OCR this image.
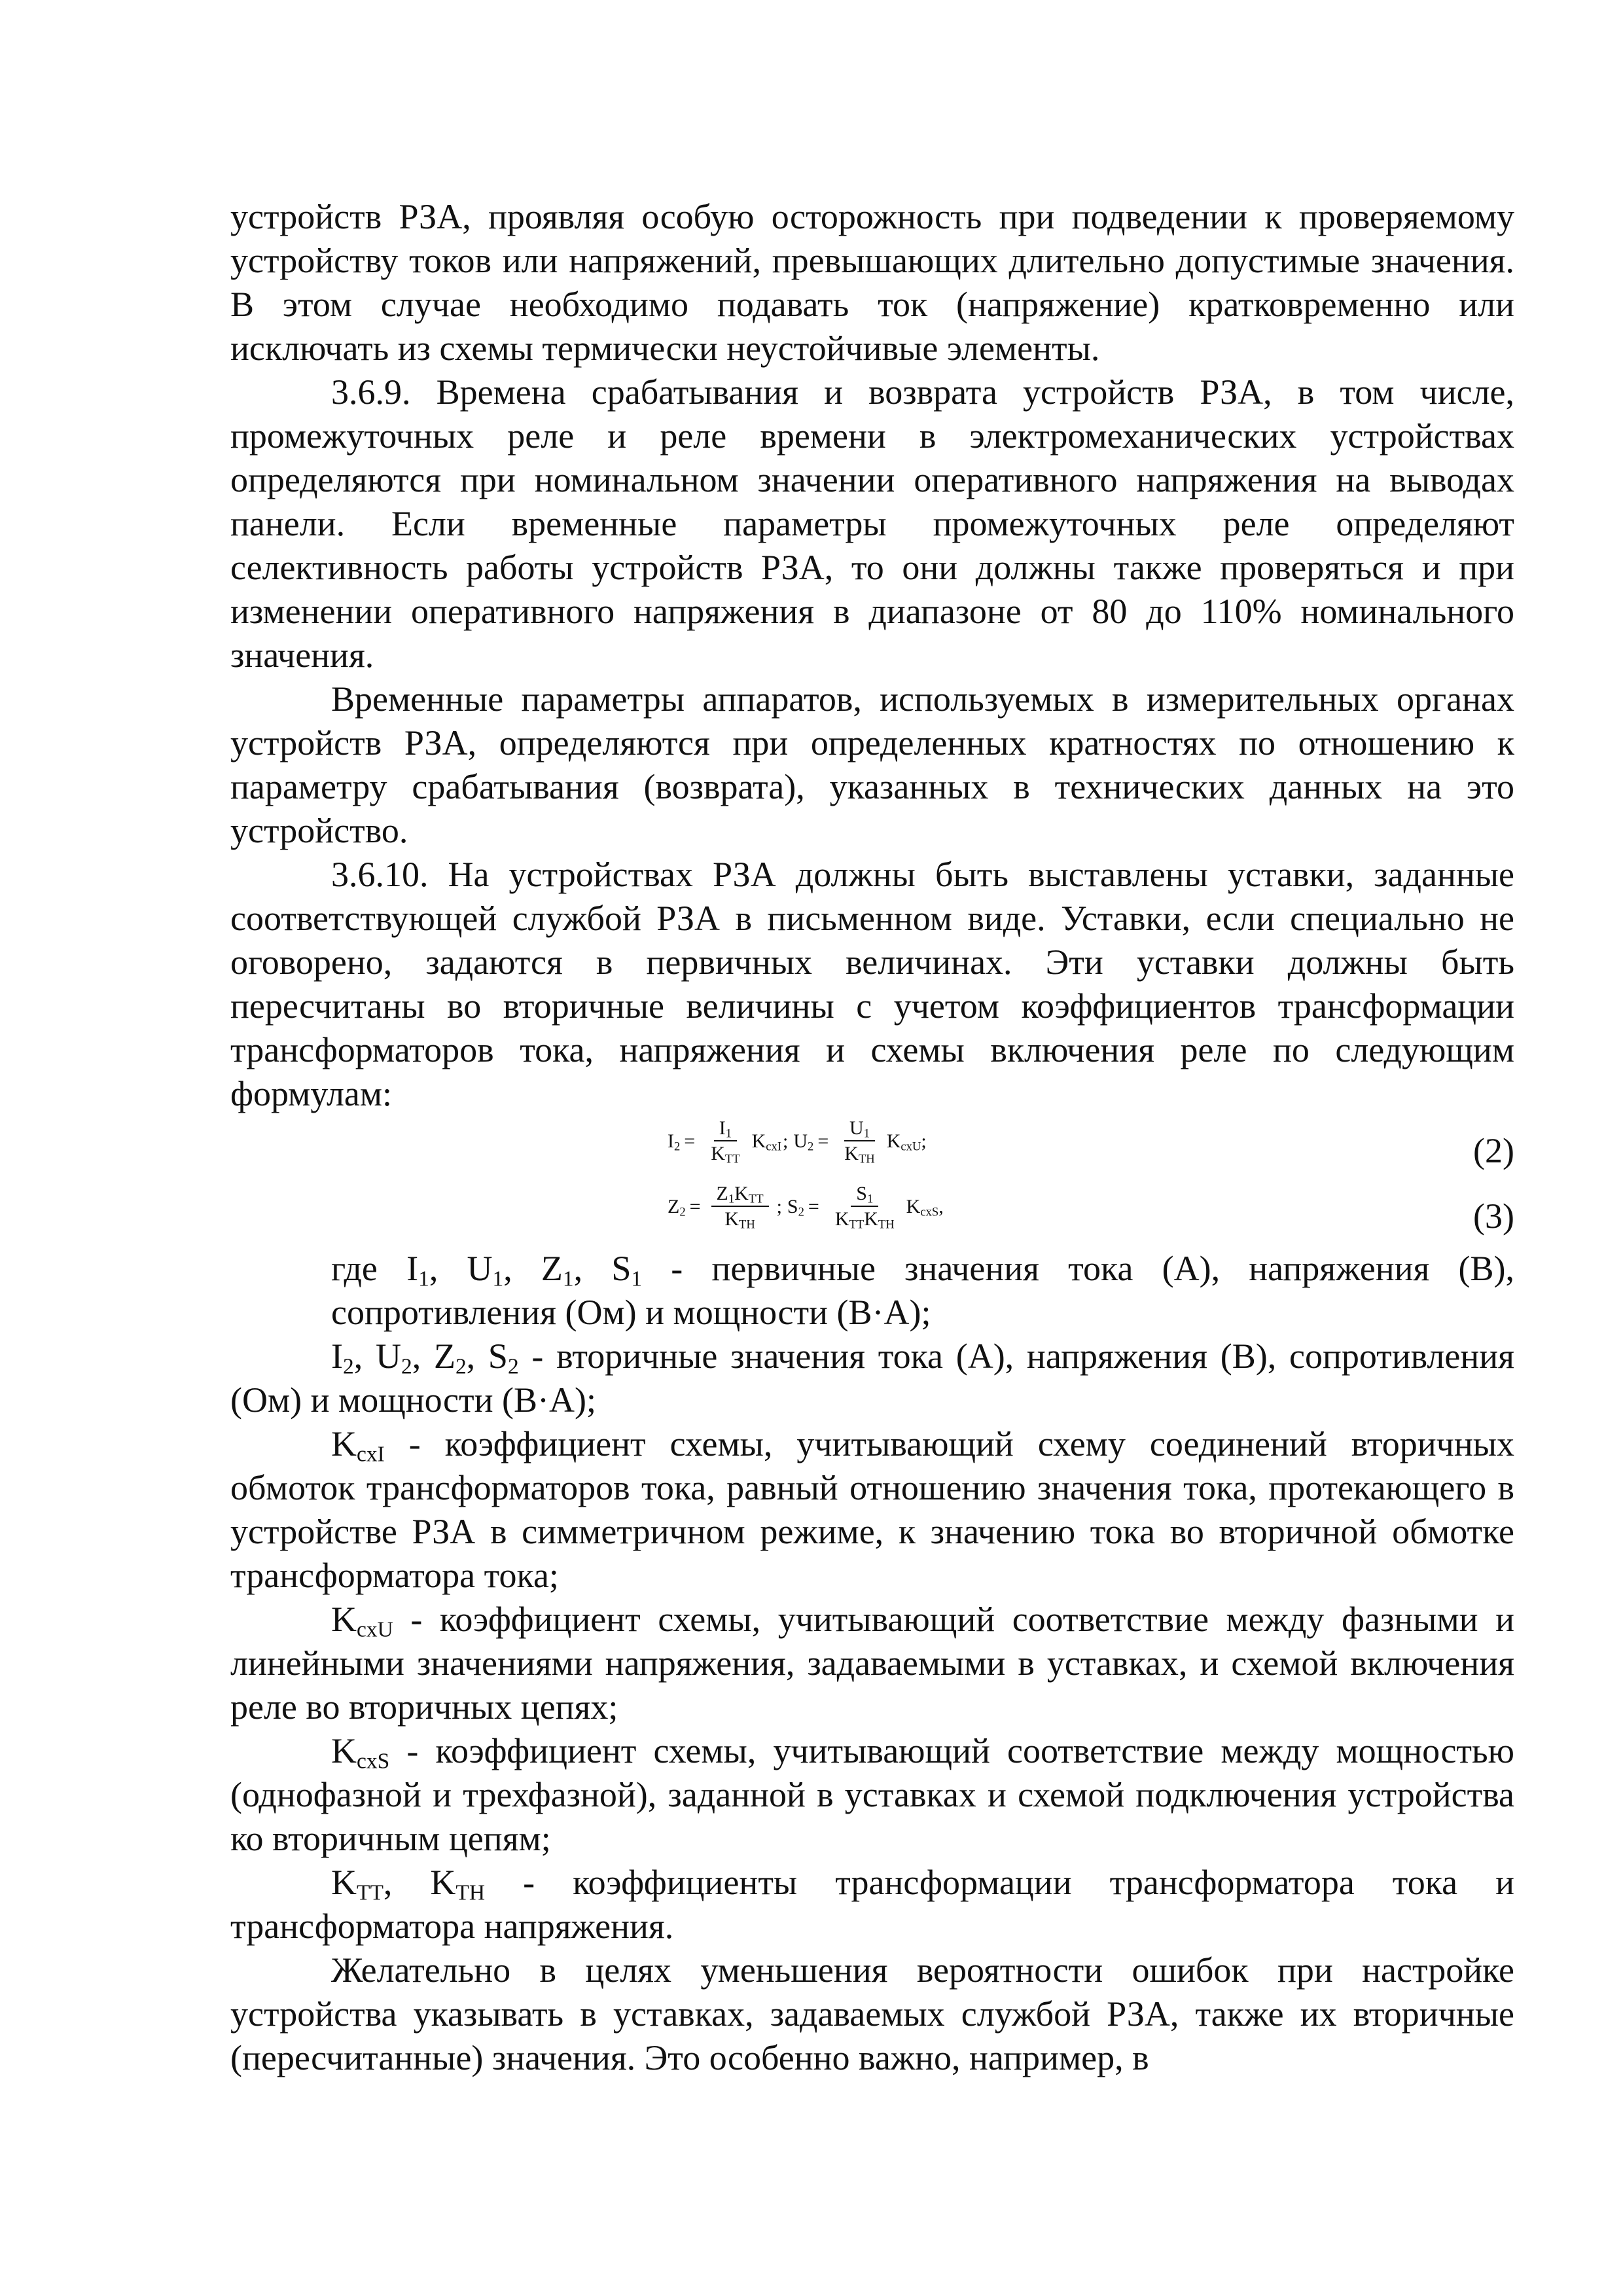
устройств РЗА, проявляя особую осторожность при подведении к проверяемому устройству токов или напряжений, превышающих длительно допустимые значения. В этом случае необходимо подавать ток (напряжение) кратковременно или исключать из схемы термически неустойчивые элементы.

3.6.9. Времена срабатывания и возврата устройств РЗА, в том числе, промежуточных реле и реле времени в электромеханических устройствах определяются при номинальном значении оперативного напряжения на выводах панели. Если временные параметры промежуточных реле определяют селективность работы устройств РЗА, то они должны также проверяться и при изменении оперативного напряжения в диапазоне от 80 до 110% номинального значения.

Временные параметры аппаратов, используемых в измерительных органах устройств РЗА, определяются при определенных кратностях по отношению к параметру срабатывания (возврата), указанных в технических данных на это устройство.

3.6.10. На устройствах РЗА должны быть выставлены уставки, заданные соответствующей службой РЗА в письменном виде. Уставки, если специально не оговорено, задаются в первичных величинах. Эти уставки должны быть пересчитаны во вторичные величины с учетом коэффициентов трансформации трансформаторов тока, напряжения и схемы включения реле по следующим формулам:

$I_2 = \frac{I_1}{K_{TT}} K_{cxI}$ ; $U_2 = \frac{U_1}{K_{TH}} K_{cxU}$ ;	(2)
$Z_2 = \frac{Z_1K_{TT}}{K_{TH}}$ ; $S_2 = \frac{S_1}{K_{TT}K_{TH}} K_{cxS}$ ,	(3)

где $I_1$, $U_1$, $Z_1$, $S_1$ - первичные значения тока (А), напряжения (В), сопротивления (Ом) и мощности (В·А);

$I_2$, $U_2$, $Z_2$, $S_2$ - вторичные значения тока (А), напряжения (В), сопротивления (Ом) и мощности (В·А);

$K_{cxI}$ - коэффициент схемы, учитывающий схему соединений вторичных обмоток трансформаторов тока, равный отношению значения тока, протекающего в устройстве РЗА в симметричном режиме, к значению тока во вторичной обмотке трансформатора тока;

$K_{cxU}$ - коэффициент схемы, учитывающий соответствие между фазными и линейными значениями напряжения, задаваемыми в уставках, и схемой включения реле во вторичных цепях;

$K_{cxS}$ - коэффициент схемы, учитывающий соответствие между мощностью (однофазной и трехфазной), заданной в уставках и схемой подключения устройства ко вторичным цепям;

$K_{TT}$, $K_{TH}$ - коэффициенты трансформации трансформатора тока и трансформатора напряжения.

Желательно в целях уменьшения вероятности ошибок при настройке устройства указывать в уставках, задаваемых службой РЗА, также их вторичные (пересчитанные) значения. Это особенно важно, например, в
